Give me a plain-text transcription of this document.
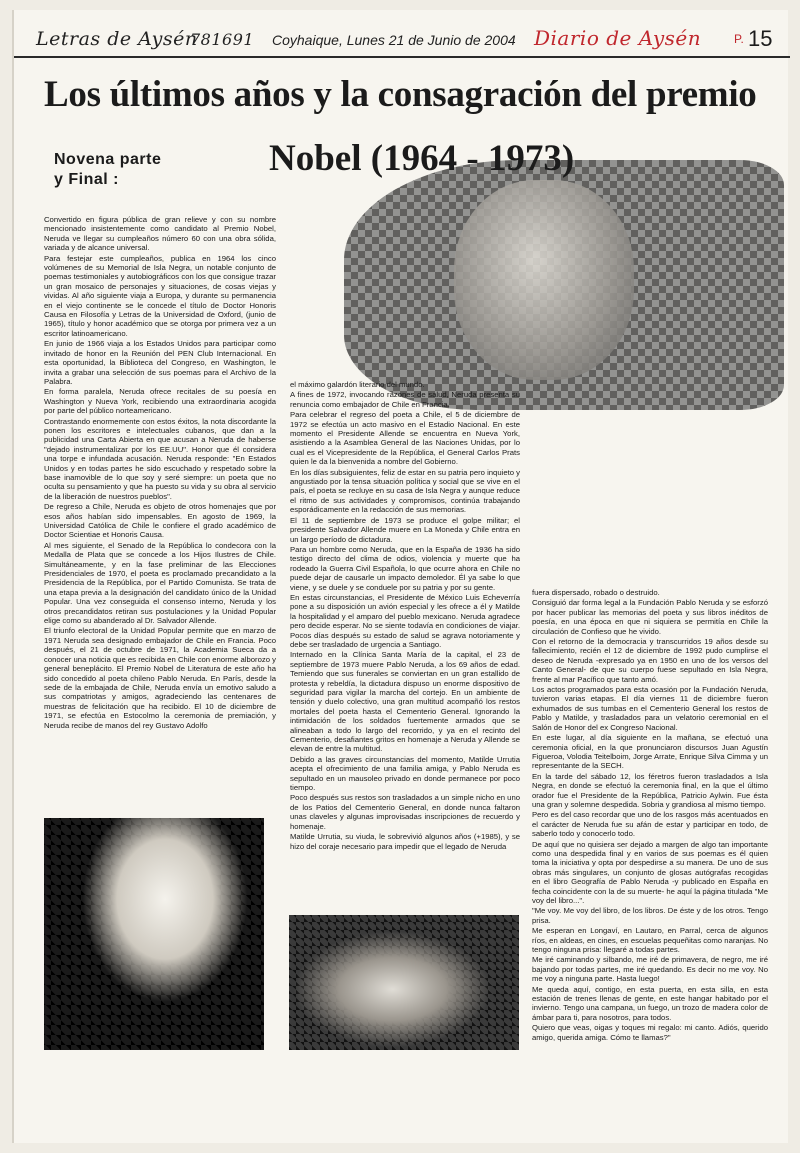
Letras de Aysén
781691 Coyhaique, Lunes 21 de Junio de 2004 Diario de Aysén	P. 15
Los últimos años y la consagración del premio
Nobel (1964 - 1973)
Novena parte
y Final :

Convertido en figura pública de gran relieve y con su nombre mencionado insistentemente como candidato al Premio Nobel, Neruda ve llegar su cumpleaños número 60 con una obra sólida, variada y de alcance universal.

Para festejar este cumpleaños, publica en 1964 los cinco volúmenes de su Memorial de Isla Negra, un notable conjunto de poemas testimoniales y autobiográficos con los que consigue trazar un gran mosaico de personajes y situaciones, de cosas viejas y vividas. Al año siguiente viaja a Europa, y durante su permanencia en el viejo continente se le concede el título de Doctor Honoris Causa en Filosofía y Letras de la Universidad de Oxford, (junio de 1965), título y honor académico que se otorga por primera vez a un escritor latinoamericano.

En junio de 1966 viaja a los Estados Unidos para participar como invitado de honor en la Reunión del PEN Club Internacional. En esta oportunidad, la Biblioteca del Congreso, en Washington, le invita a grabar una selección de sus poemas para el Archivo de la Palabra.

En forma paralela, Neruda ofrece recitales de su poesía en Washington y Nueva York, recibiendo una extraordinaria acogida por parte del público norteamericano.

Contrastando enormemente con estos éxitos, la nota discordante la ponen los escritores e intelectuales cubanos, que dan a la publicidad una Carta Abierta en que acusan a Neruda de haberse "dejado instrumentalizar por los EE.UU". Honor que él considera una torpe e infundada acusación. Neruda responde: "En Estados Unidos y en todas partes he sido escuchado y respetado sobre la base inamovible de lo que soy y seré siempre: un poeta que no oculta su pensamiento y que ha puesto su vida y su obra al servicio de la liberación de nuestros pueblos".

De regreso a Chile, Neruda es objeto de otros homenajes que por esos años habían sido impensables. En agosto de 1969, la Universidad Católica de Chile le confiere el grado académico de Doctor Scientiae et Honoris Causa.

Al mes siguiente, el Senado de la República lo condecora con la Medalla de Plata que se concede a los Hijos Ilustres de Chile. Simultáneamente, y en la fase preliminar de las Elecciones Presidenciales de 1970, el poeta es proclamado precandidato a la Presidencia de la República, por el Partido Comunista. Se trata de una etapa previa a la designación del candidato único de la Unidad Popular. Una vez conseguida el consenso interno, Neruda y los otros precandidatos retiran sus postulaciones y la Unidad Popular elige como su abanderado al Dr. Salvador Allende.

El triunfo electoral de la Unidad Popular permite que en marzo de 1971 Neruda sea designado embajador de Chile en Francia. Poco después, el 21 de octubre de 1971, la Academia Sueca da a conocer una noticia que es recibida en Chile con enorme alborozo y general beneplácito. El Premio Nobel de Literatura de este año ha sido concedido al poeta chileno Pablo Neruda. En París, desde la sede de la embajada de Chile, Neruda envía un emotivo saludo a sus compatriotas y amigos, agradeciendo las centenares de muestras de felicitación que ha recibido. El 10 de diciembre de 1971, se efectúa en Estocolmo la ceremonia de premiación, y Neruda recibe de manos del rey Gustavo Adolfo

el máximo galardón literario del mundo.

A fines de 1972, invocando razones de salud, Neruda presenta su renuncia como embajador de Chile en Francia.

Para celebrar el regreso del poeta a Chile, el 5 de diciembre de 1972 se efectúa un acto masivo en el Estadio Nacional. En este momento el Presidente Allende se encuentra en Nueva York, asistiendo a la Asamblea General de las Naciones Unidas, por lo cual es el Vicepresidente de la República, el General Carlos Prats quien le da la bienvenida a nombre del Gobierno.

En los días subsiguientes, feliz de estar en su patria pero inquieto y angustiado por la tensa situación política y social que se vive en el país, el poeta se recluye en su casa de Isla Negra y aunque reduce el ritmo de sus actividades y compromisos, continúa trabajando esporádicamente en la redacción de sus memorias.

El 11 de septiembre de 1973 se produce el golpe militar; el presidente Salvador Allende muere en La Moneda y Chile entra en un largo período de dictadura.

Para un hombre como Neruda, que en la España de 1936 ha sido testigo directo del clima de odios, violencia y muerte que ha rodeado la Guerra Civil Española, lo que ocurre ahora en Chile no puede dejar de causarle un impacto demoledor. Él ya sabe lo que viene, y se duele y se conduele por su patria y por su gente.

En estas circunstancias, el Presidente de México Luis Echeverría pone a su disposición un avión especial y les ofrece a él y Matilde la hospitalidad y el amparo del pueblo mexicano. Neruda agradece pero decide esperar. No se siente todavía en condiciones de viajar. Pocos días después su estado de salud se agrava notoriamente y debe ser trasladado de urgencia a Santiago.

Internado en la Clínica Santa María de la capital, el 23 de septiembre de 1973 muere Pablo Neruda, a los 69 años de edad. Temiendo que sus funerales se conviertan en un gran estallido de protesta y rebeldía, la dictadura dispuso un enorme dispositivo de seguridad para vigilar la marcha del cortejo. En un ambiente de tensión y duelo colectivo, una gran multitud acompañó los restos mortales del poeta hasta el Cementerio General. Ignorando la intimidación de los soldados fuertemente armados que se alineaban a todo lo largo del recorrido, y ya en el recinto del Cementerio, desafiantes gritos en homenaje a Neruda y Allende se elevan de entre la multitud.

Debido a las graves circunstancias del momento, Matilde Urrutia acepta el ofrecimiento de una familia amiga, y Pablo Neruda es sepultado en un mausoleo privado en donde permanece por poco tiempo.

Poco después sus restos son trasladados a un simple nicho en uno de los Patios del Cementerio General, en donde nunca faltaron unas claveles y algunas improvisadas inscripciones de recuerdo y homenaje.

Matilde Urrutia, su viuda, le sobrevivió algunos años (+1985), y se hizo del coraje necesario para impedir que el legado de Neruda

fuera dispersado, robado o destruido.

Consiguió dar forma legal a la Fundación Pablo Neruda y se esforzó por hacer publicar las memorias del poeta y sus libros inéditos de poesía, en una época en que ni siquiera se permitía en Chile la circulación de Confieso que he vivido.

Con el retorno de la democracia y transcurridos 19 años desde su fallecimiento, recién el 12 de diciembre de 1992 pudo cumplirse el deseo de Neruda -expresado ya en 1950 en uno de los versos del Canto General- de que su cuerpo fuese sepultado en Isla Negra, frente al mar Pacífico que tanto amó.

Los actos programados para esta ocasión por la Fundación Neruda, tuvieron varias etapas. El día viernes 11 de diciembre fueron exhumados de sus tumbas en el Cementerio General los restos de Pablo y Matilde, y trasladados para un velatorio ceremonial en el Salón de Honor del ex Congreso Nacional.

En este lugar, al día siguiente en la mañana, se efectuó una ceremonia oficial, en la que pronunciaron discursos Juan Agustín Figueroa, Volodia Teitelboim, Jorge Arrate, Enrique Silva Cimma y un representante de la SECH.

En la tarde del sábado 12, los féretros fueron trasladados a Isla Negra, en donde se efectuó la ceremonia final, en la que el último orador fue el Presidente de la República, Patricio Aylwin. Fue ésta una gran y solemne despedida. Sobria y grandiosa al mismo tiempo.

Pero es del caso recordar que uno de los rasgos más acentuados en el carácter de Neruda fue su afán de estar y participar en todo, de saberlo todo y conocerlo todo.

De aquí que no quisiera ser dejado a margen de algo tan importante como una despedida final y en varios de sus poemas es él quien toma la iniciativa y opta por despedirse a su manera. De uno de sus obras más singulares, un conjunto de glosas autógrafas recogidas en el libro Geografía de Pablo Neruda -y publicado en España en fecha coincidente con la de su muerte- he aquí la página titulada "Me voy del libro...".

"Me voy. Me voy del libro, de los libros. De éste y de los otros. Tengo prisa.

Me esperan en Longaví, en Lautaro, en Parral, cerca de algunos ríos, en aldeas, en cines, en escuelas pequeñitas como naranjas. No tengo ninguna prisa: llegaré a todas partes.

Me iré caminando y silbando, me iré de primavera, de negro, me iré bajando por todas partes, me iré quedando. Es decir no me voy. No me voy a ninguna parte. Hasta luego!

Me queda aquí, contigo, en esta puerta, en esta silla, en esta estación de trenes llenas de gente, en este hangar habitado por el invierno. Tengo una campana, un fuego, un trozo de madera color de ámbar para ti, para nosotros, para todos.

Quiero que veas, oigas y toques mi regalo: mi canto. Adiós, querido amigo, querida amiga. Cómo te llamas?"
